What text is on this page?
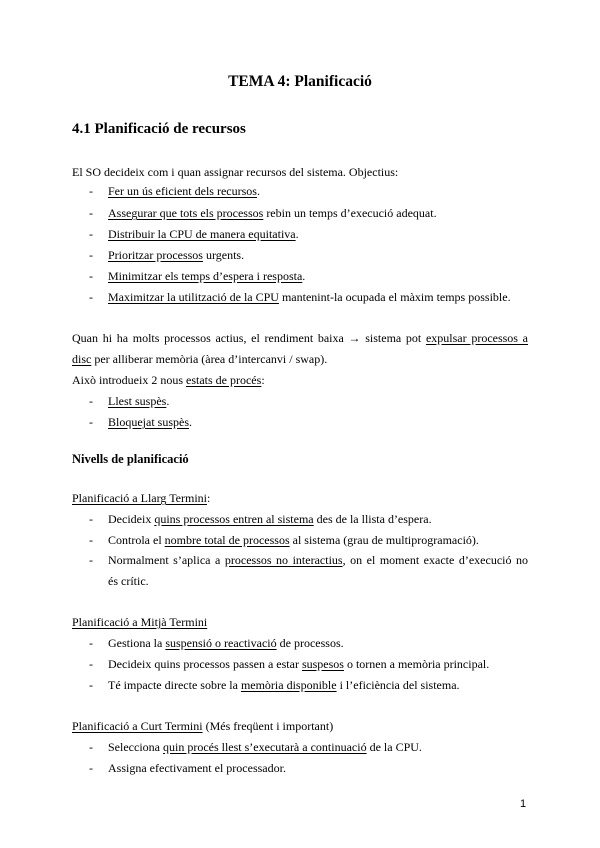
TEMA 4: Planificació
4.1 Planificació de recursos
El SO decideix com i quan assignar recursos del sistema. Objectius:
- Fer un ús eficient dels recursos.
- Assegurar que tots els processos rebin un temps d’execució adequat.
- Distribuir la CPU de manera equitativa.
- Prioritzar processos urgents.
- Minimitzar els temps d’espera i resposta.
- Maximitzar la utilització de la CPU mantenint-la ocupada el màxim temps possible.
Quan hi ha molts processos actius, el rendiment baixa → sistema pot expulsar processos a
disc per alliberar memòria (àrea d’intercanvi / swap).
Això introdueix 2 nous estats de procés:
- Llest suspès.
- Bloquejat suspès.
Nivells de planificació
Planificació a Llarg Termini:
- Decideix quins processos entren al sistema des de la llista d’espera.
- Controla el nombre total de processos al sistema (grau de multiprogramació).
- Normalment s’aplica a processos no interactius, on el moment exacte d’execució no
és crític.
Planificació a Mitjà Termini
- Gestiona la suspensió o reactivació de processos.
- Decideix quins processos passen a estar suspesos o tornen a memòria principal.
- Té impacte directe sobre la memòria disponible i l’eficiència del sistema.
Planificació a Curt Termini (Més freqüent i important)
- Selecciona quin procés llest s’executarà a continuació de la CPU.
- Assigna efectivament el processador.
1
